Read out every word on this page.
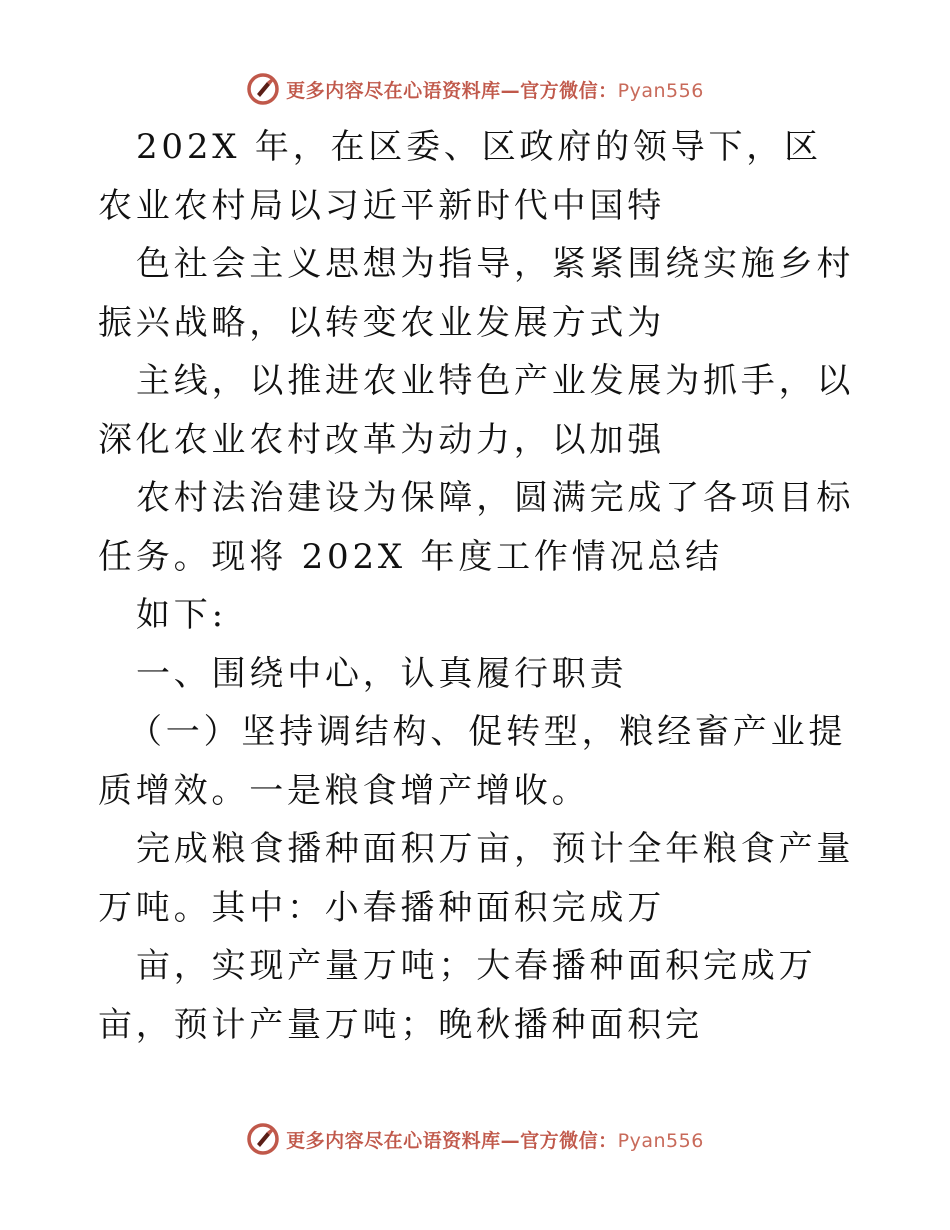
更多内容尽在心语资料库—官方微信：Pyan556

202X 年，在区委、区政府的领导下，区农业农村局以习近平新时代中国特

色社会主义思想为指导，紧紧围绕实施乡村振兴战略，以转变农业发展方式为

主线，以推进农业特色产业发展为抓手，以深化农业农村改革为动力，以加强

农村法治建设为保障，圆满完成了各项目标任务。现将 202X 年度工作情况总结

如下:

一、围绕中心，认真履行职责

（一）坚持调结构、促转型，粮经畜产业提质增效。一是粮食增产增收。

完成粮食播种面积万亩，预计全年粮食产量万吨。其中：小春播种面积完成万

亩，实现产量万吨；大春播种面积完成万亩，预计产量万吨；晚秋播种面积完

更多内容尽在心语资料库—官方微信：Pyan556
